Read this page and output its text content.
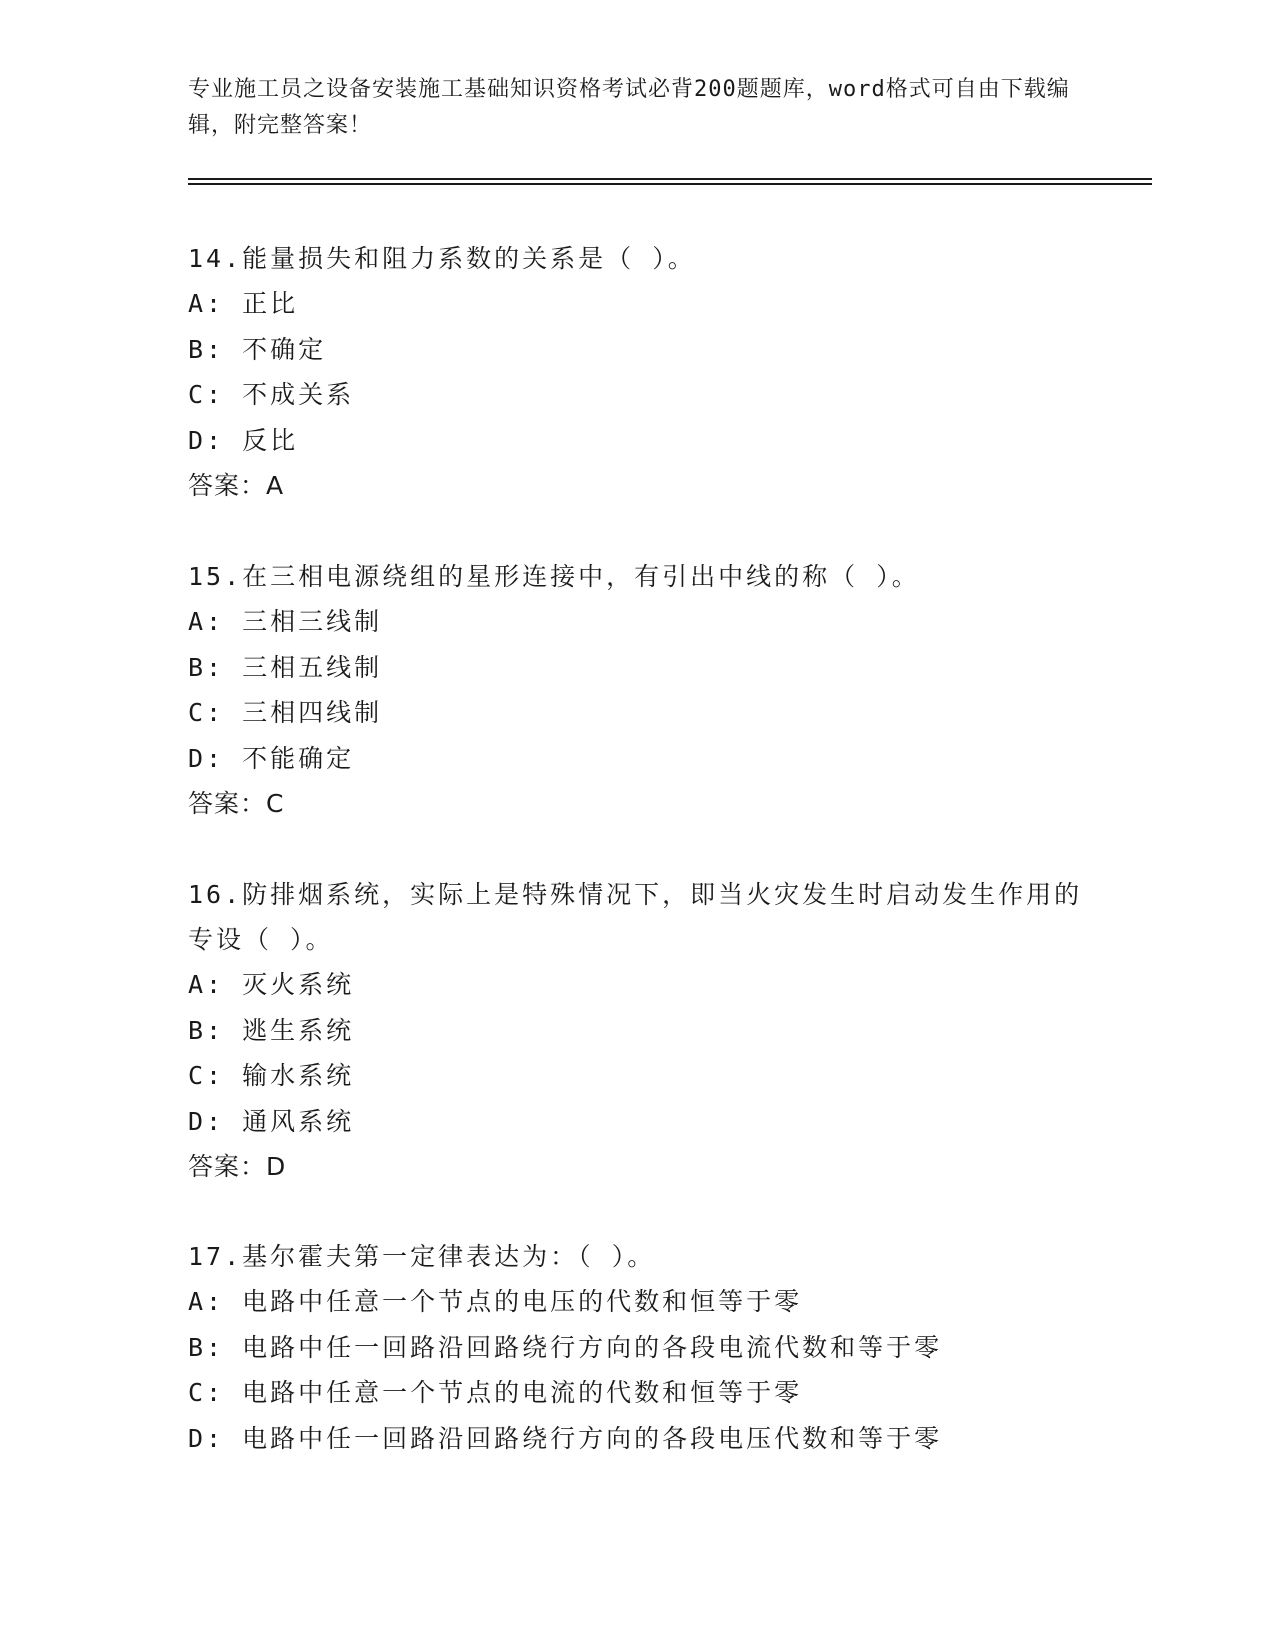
专业施工员之设备安装施工基础知识资格考试必背200题题库，word格式可自由下载编辑，附完整答案！
14.能量损失和阻力系数的关系是（ ）。
A: 正比
B: 不确定
C: 不成关系
D: 反比
答案：A
15.在三相电源绕组的星形连接中，有引出中线的称（ ）。
A: 三相三线制
B: 三相五线制
C: 三相四线制
D: 不能确定
答案：C
16.防排烟系统，实际上是特殊情况下，即当火灾发生时启动发生作用的专设（ ）。
A: 灭火系统
B: 逃生系统
C: 输水系统
D: 通风系统
答案：D
17.基尔霍夫第一定律表达为：（ ）。
A: 电路中任意一个节点的电压的代数和恒等于零
B: 电路中任一回路沿回路绕行方向的各段电流代数和等于零
C: 电路中任意一个节点的电流的代数和恒等于零
D: 电路中任一回路沿回路绕行方向的各段电压代数和等于零
